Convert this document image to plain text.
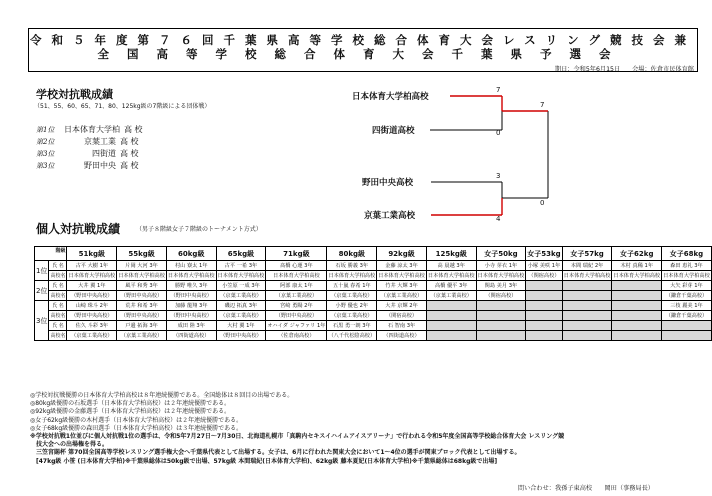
令和５年度第７６回千葉県高等学校総合体育大会レスリング競技会兼
全国高等学校総合体育大会千葉県予選会
期日：令和5年6月15日 会場：佐倉市民体育館
学校対抗戦成績
（51、55、60、65、71、80、125kg級の7階級による団体戦）
第1位 日本体育大学柏 高 校
第2位	京葉工業 高 校
第3位	四街道 高 校
第3位	野田中央 高 校
日本体育大学柏高校
四街道高校
野田中央高校
京葉工業高校
7
0
3
4
7
0
個人対抗戦成績	（男子８階級女子７階級のトーナメント方式）
階級		51kg級	55kg級	60kg級	65kg級	71kg級	80kg級	92kg級	125kg級	女子50kg	女子53kg	女子57kg	女子62kg	女子68kg
1位	氏 名	古平 大樹 1年	片岡 大河 3年	村山 寮太 1年	古平 一希 3年	髙橋 心運 3年	石坂 勝義 3年	金藤 涼太 3年	高 晨越 3年	小寺 芽衣 1年	小塚 美咲 1年	本間 瑞紀 2年	木村 真稀 1年	森田 恵礼 3年
	高校名	日本体育大学柏高校	日本体育大学柏高校	日本体育大学柏高校	日本体育大学柏高校	日本体育大学柏高校	日本体育大学柏高校	日本体育大学柏高校	日本体育大学柏高校	日本体育大学柏高校	（関宿高校）	日本体育大学柏高校	日本体育大学柏高校	日本体育大学柏高校
2位	氏 名	大井 翼 1年	風平 和秀 3年	勝野 唯久 3年	小笠原 一成 3年	阿部 康太 1年	五十嵐 春希 1年	竹井 大輝 3年	高橋 優平 3年	関島 美月 3年				大矢 彩芽 1年
	高校名	（野田中央高校）	（野田中央高校）	（野田中央高校）	（京葉工業高校）	（京葉工業高校）	（京葉工業高校）	（京葉工業高校）	（京葉工業高校）	（関宿高校）				（鎌倉千葉高校）
3位	氏 名	山崎 珠斗 2年	荒井 和希 3年	加藤 龍翔 3年	磯辺 拓真 3年	宮崎 勇陽 2年	小野 優也 2年	大井 京輝 2年						三枝 麗美 1年
	高校名	（野田中央高校）	（野田中央高校）	（野田中央高校）	（京葉工業高校）	（野田中央高校）	（京葉工業高校）	（関宿高校）						（鎌倉千葉高校）
	氏 名	佐久 斗彩 3年	戸邊 拓海 3年	成田 陸 3年	大村 翼 1年	オハイダ ジャファリ 1年	石黒 勇一朗 3年	石 智南 3年						
	高校名	（京葉工業高校）	（京葉工業高校）	（四街道高校）	（野田中央高校）	（佐倉南高校）	（八千代松陰高校）	（四街道高校）						
◎学校対抗戦優勝の日本体育大学柏高校は８年連続優勝である。全国総体は８回目の出場である。
◎80kg級優勝の石坂選手（日本体育大学柏高校）は２年連続優勝である。
◎92kg級優勝の金藤選手（日本体育大学柏高校）は２年連続優勝である。
◎女子62kg級優勝の木村選手（日本体育大学柏高校）は２年連続優勝である。
◎女子68kg級優勝の森田選手（日本体育大学柏高校）は３年連続優勝である。
※学校対抗戦1位並びに個人対抗戦1位の選手は、令和5年7月27日～7月30日、北海道札幌市「真駒内セキスイハイムアイスアリーナ」で行われる令和5年度全国高等学校総合体育大会 レスリング競
　技大会への出場権を得る。
　三笠宮賜杯 第70回全国高等学校レスリング選手権大会へ千葉県代表として出場する。女子は、6月に行われた関東大会において1～4位の選手が関東ブロック代表として出場する。
　[47kg級 小笹 (日本体育大学柏)※千葉県総体は50kg級で出場、57kg級 本間瑞紀(日本体育大学柏)、62kg級 藤本夏妃(日本体育大学柏)※千葉県総体は68kg級で出場]
問い合わせ：我孫子東高校　　岡田（事務局長）
